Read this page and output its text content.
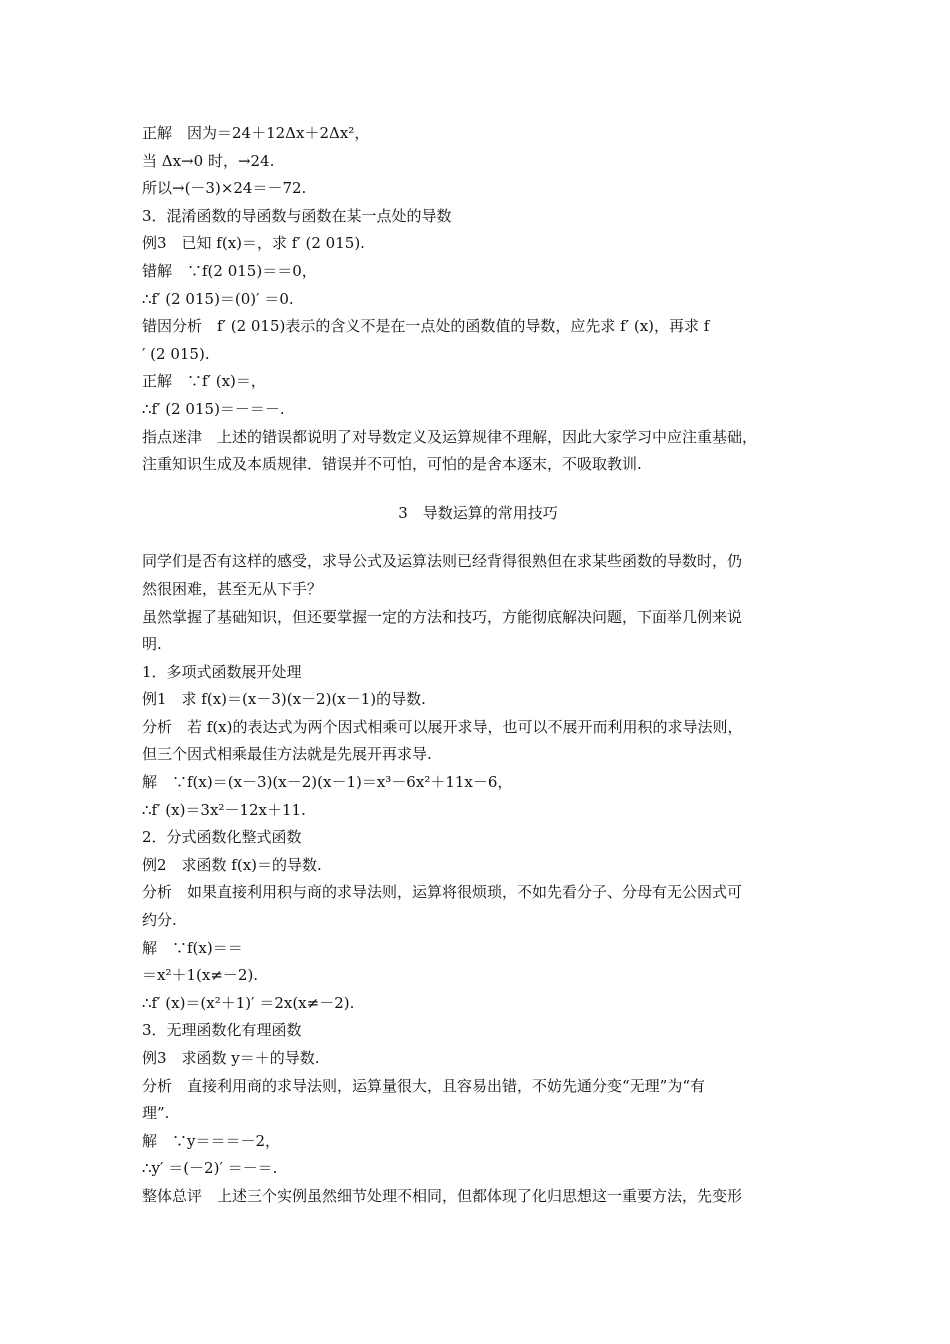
正解　因为＝24＋12Δx＋2Δx²，
当 Δx→0 时，→24.
所以→(－3)×24＝－72.
3．混淆函数的导函数与函数在某一点处的导数
例3　已知 f(x)＝，求 f′ (2 015).
错解　∵f(2 015)＝＝0，
∴f′ (2 015)＝(0)′ ＝0.
错因分析　f′ (2 015)表示的含义不是在一点处的函数值的导数，应先求 f′ (x)，再求 f
′ (2 015).
正解　∵f′ (x)＝，
∴f′ (2 015)＝－＝－.
指点迷津　上述的错误都说明了对导数定义及运算规律不理解，因此大家学习中应注重基础，
注重知识生成及本质规律．错误并不可怕，可怕的是舍本逐末，不吸取教训.
3　导数运算的常用技巧
同学们是否有这样的感受，求导公式及运算法则已经背得很熟但在求某些函数的导数时，仍
然很困难，甚至无从下手？
虽然掌握了基础知识，但还要掌握一定的方法和技巧，方能彻底解决问题，下面举几例来说
明.
1．多项式函数展开处理
例1　求 f(x)＝(x－3)(x－2)(x－1)的导数.
分析　若 f(x)的表达式为两个因式相乘可以展开求导，也可以不展开而利用积的求导法则，
但三个因式相乘最佳方法就是先展开再求导.
解　∵f(x)＝(x－3)(x－2)(x－1)＝x³－6x²＋11x－6，
∴f′ (x)＝3x²－12x＋11.
2．分式函数化整式函数
例2　求函数 f(x)＝的导数.
分析　如果直接利用积与商的求导法则，运算将很烦琐，不如先看分子、分母有无公因式可
约分.
解　∵f(x)＝＝
＝x²＋1(x≠－2).
∴f′ (x)＝(x²＋1)′ ＝2x(x≠－2).
3．无理函数化有理函数
例3　求函数 y＝＋的导数.
分析　直接利用商的求导法则，运算量很大，且容易出错，不妨先通分变“无理”为“有
理”.
解　∵y＝＝＝－2，
∴y′ ＝(－2)′ ＝－＝.
整体总评　上述三个实例虽然细节处理不相同，但都体现了化归思想这一重要方法，先变形
